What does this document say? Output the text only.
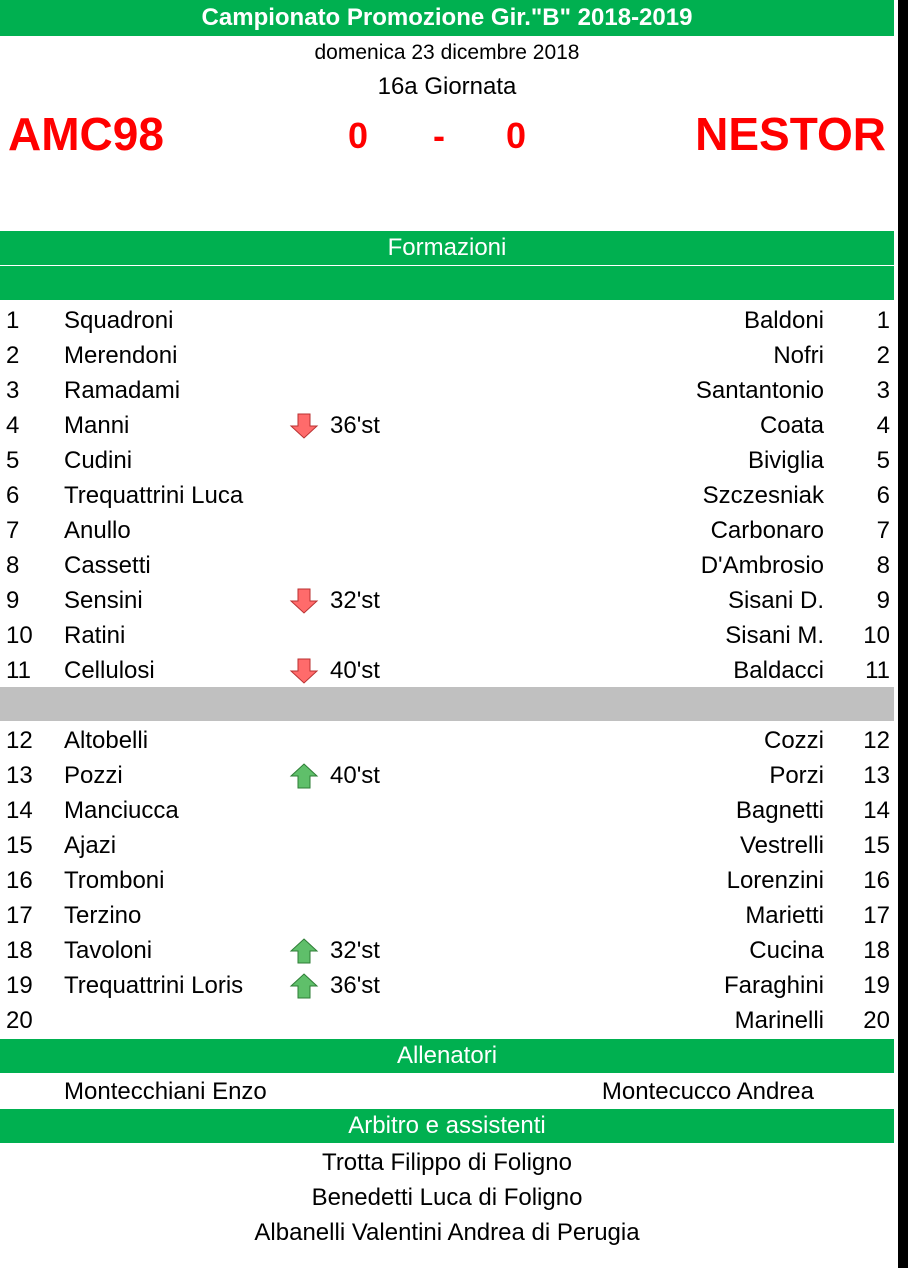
Campionato Promozione Gir."B" 2018-2019
domenica 23 dicembre 2018
16a Giornata
AMC98	0 - 0	NESTOR
Formazioni
1 Squadroni	Baldoni 1
2 Merendoni	Nofri 2
3 Ramadami	Santantonio 3
4 Manni	36'st	Coata 4
5 Cudini	Biviglia 5
6 Trequattrini Luca	Szczesniak 6
7 Anullo	Carbonaro 7
8 Cassetti	D'Ambrosio 8
9 Sensini	32'st	Sisani D. 9
10 Ratini	Sisani M. 10
11 Cellulosi	40'st	Baldacci 11
12 Altobelli	Cozzi 12
13 Pozzi	40'st	Porzi 13
14 Manciucca	Bagnetti 14
15 Ajazi	Vestrelli 15
16 Tromboni	Lorenzini 16
17 Terzino	Marietti 17
18 Tavoloni	32'st	Cucina 18
19 Trequattrini Loris	36'st	Faraghini 19
20	Marinelli 20
Allenatori
Montecchiani Enzo	Montecucco Andrea
Arbitro e assistenti
Trotta Filippo di Foligno
Benedetti Luca di Foligno
Albanelli Valentini Andrea di Perugia
